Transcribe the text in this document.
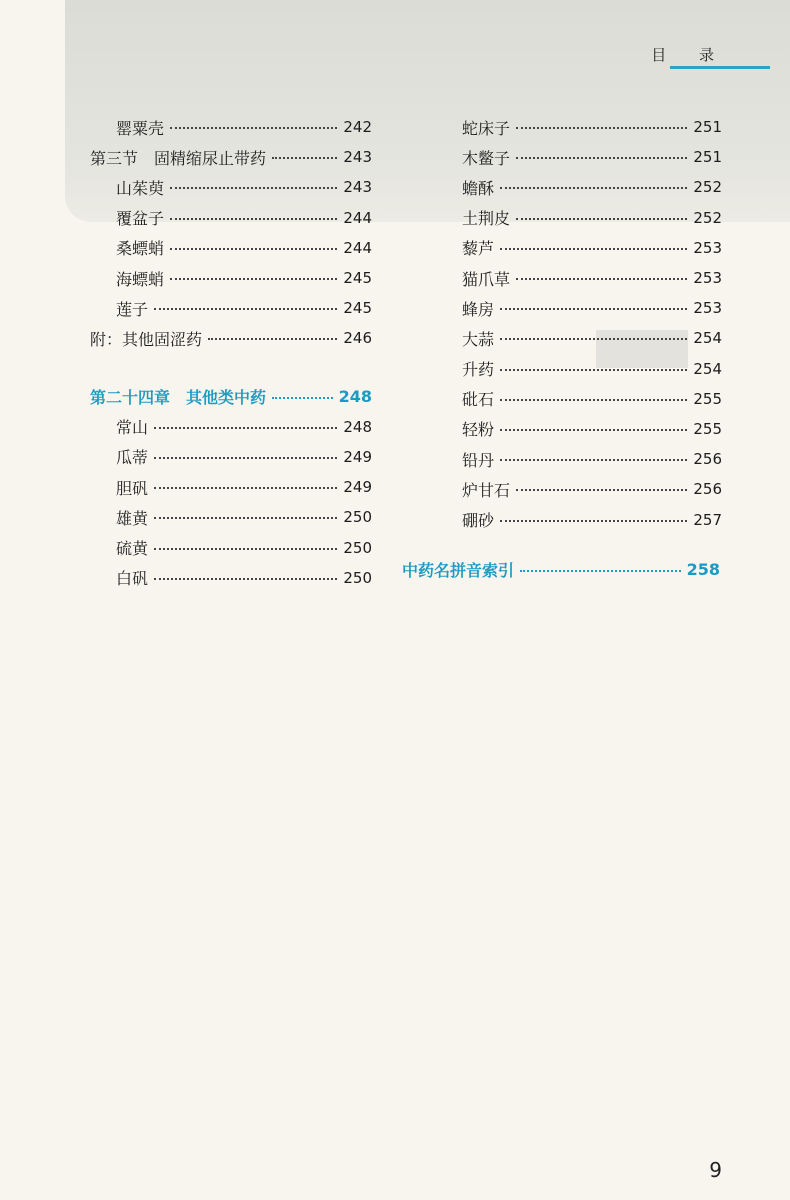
目 录
罂粟壳	242
第三节　固精缩尿止带药	243
山茱萸	243
覆盆子	244
桑螵蛸	244
海螵蛸	245
莲子	245
附：其他固涩药	246
第二十四章　其他类中药	248
常山	248
瓜蒂	249
胆矾	249
雄黄	250
硫黄	250
白矾	250
蛇床子	251
木鳖子	251
蟾酥	252
土荆皮	252
藜芦	253
猫爪草	253
蜂房	253
大蒜	254
升药	254
砒石	255
轻粉	255
铅丹	256
炉甘石	256
硼砂	257
中药名拼音索引	258
9
